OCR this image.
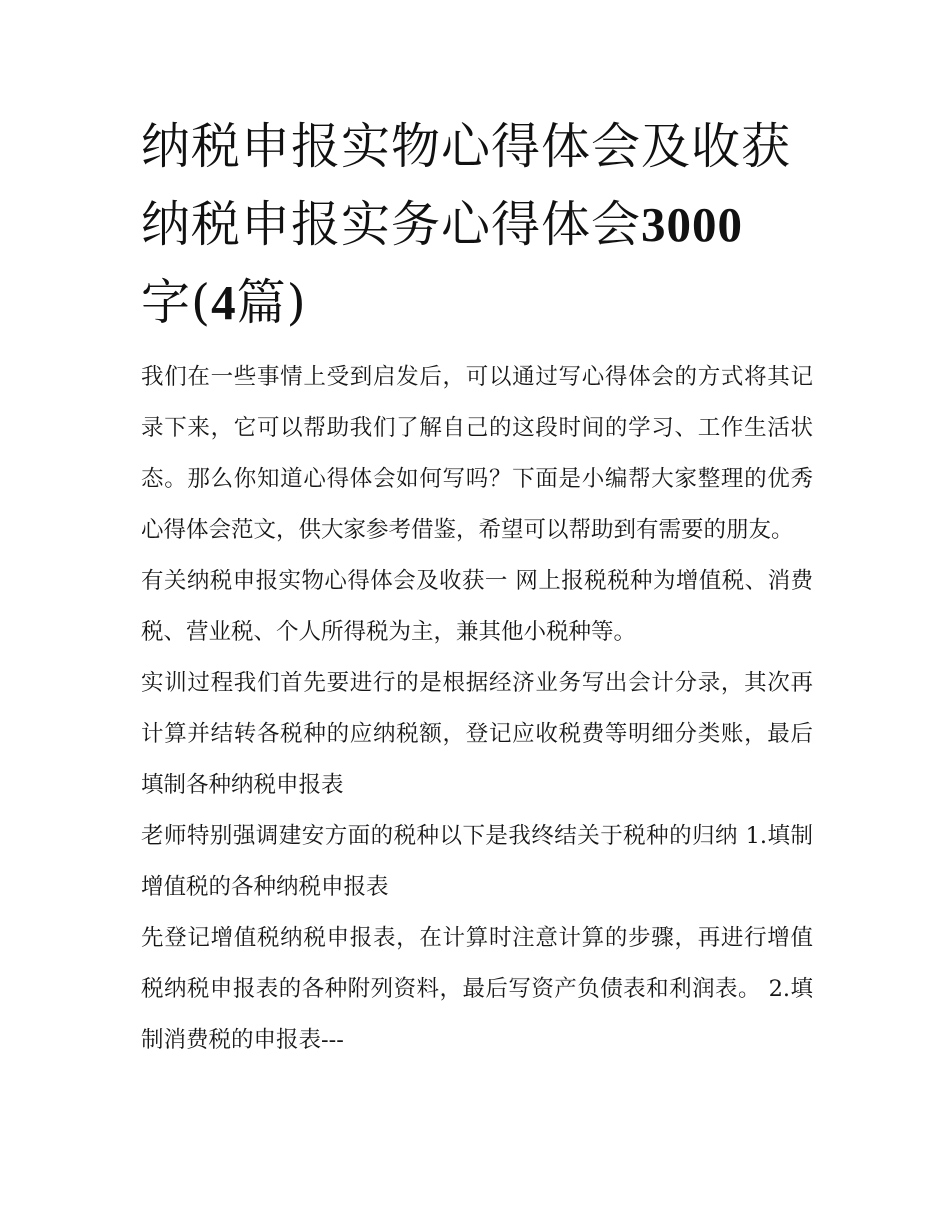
纳税申报实物心得体会及收获纳税申报实务心得体会3000
字(4篇)

我们在一些事情上受到启发后，可以通过写心得体会的方式将其记录下来，它可以帮助我们了解自己的这段时间的学习、工作生活状态。那么你知道心得体会如何写吗？下面是小编帮大家整理的优秀心得体会范文，供大家参考借鉴，希望可以帮助到有需要的朋友。

有关纳税申报实物心得体会及收获一 网上报税税种为增值税、消费税、营业税、个人所得税为主，兼其他小税种等。

实训过程我们首先要进行的是根据经济业务写出会计分录，其次再计算并结转各税种的应纳税额，登记应收税费等明细分类账，最后填制各种纳税申报表

老师特别强调建安方面的税种以下是我终结关于税种的归纳 1.填制增值税的各种纳税申报表

先登记增值税纳税申报表，在计算时注意计算的步骤，再进行增值税纳税申报表的各种附列资料，最后写资产负债表和利润表。 2.填制消费税的申报表---
